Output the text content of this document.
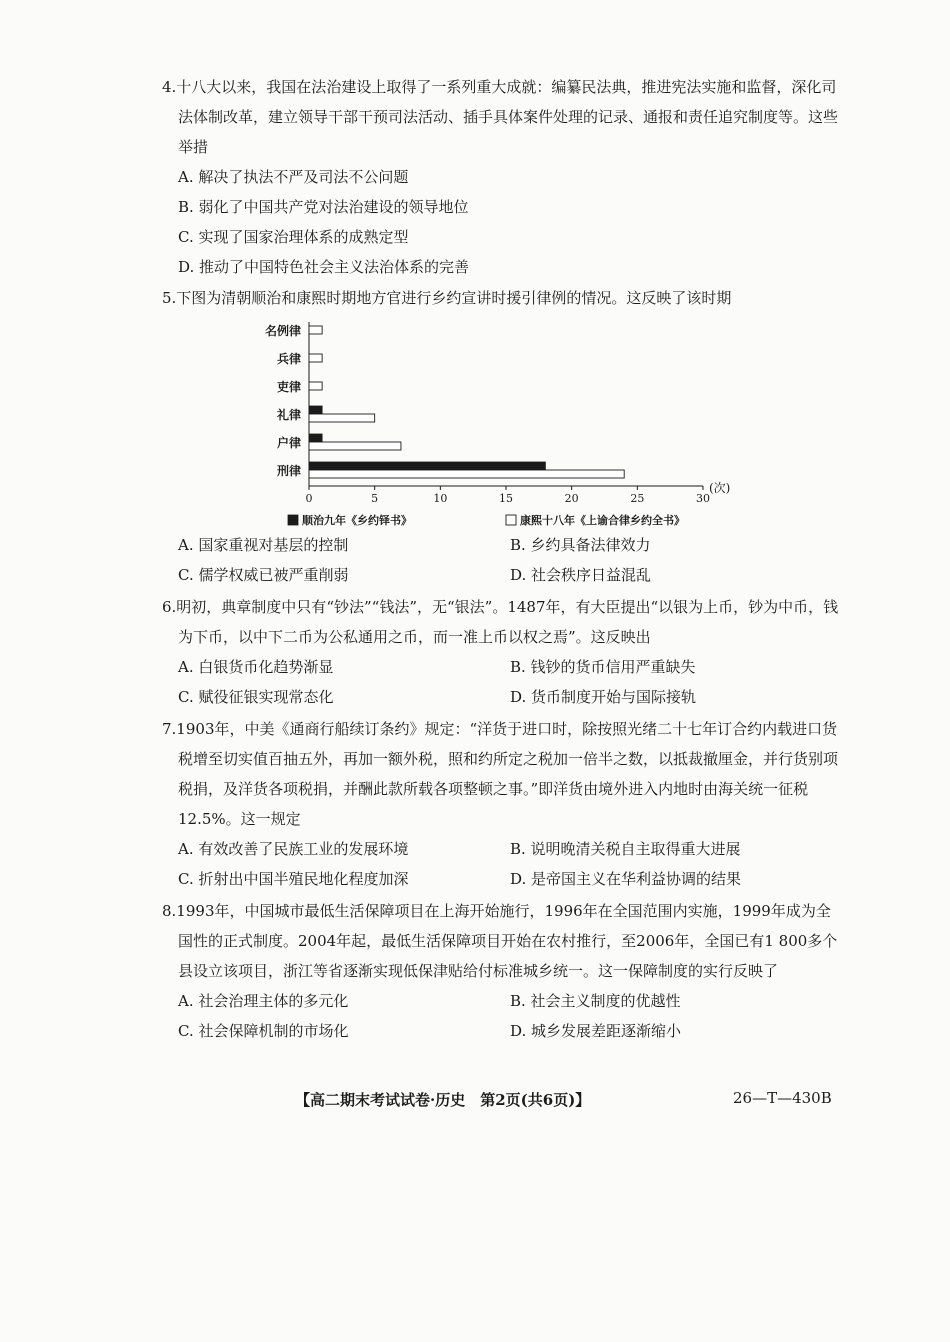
4.十八大以来，我国在法治建设上取得了一系列重大成就：编纂民法典，推进宪法实施和监督，深化司法体制改革，建立领导干部干预司法活动、插手具体案件处理的记录、通报和责任追究制度等。这些举措

A. 解决了执法不严及司法不公问题

B. 弱化了中国共产党对法治建设的领导地位

C. 实现了国家治理体系的成熟定型

D. 推动了中国特色社会主义法治体系的完善

5.下图为清朝顺治和康熙时期地方官进行乡约宣讲时援引律例的情况。这反映了该时期

0	5	10	15	20	25	30
(次)
名例律
兵律
吏律
礼律
户律
刑律
顺治九年《乡约铎书》	康熙十八年《上谕合律乡约全书》

A. 国家重视对基层的控制	B. 乡约具备法律效力

C. 儒学权威已被严重削弱	D. 社会秩序日益混乱

6.明初，典章制度中只有“钞法”“钱法”，无“银法”。1487年，有大臣提出“以银为上币，钞为中币，钱为下币，以中下二币为公私通用之币，而一准上币以权之焉”。这反映出

A. 白银货币化趋势渐显	B. 钱钞的货币信用严重缺失

C. 赋役征银实现常态化	D. 货币制度开始与国际接轨

7.1903年，中美《通商行船续订条约》规定：“洋货于进口时，除按照光绪二十七年订合约内载进口货税增至切实值百抽五外，再加一额外税，照和约所定之税加一倍半之数，以抵裁撤厘金，并行货别项税捐，及洋货各项税捐，并酬此款所载各项整顿之事。”即洋货由境外进入内地时由海关统一征税12.5%。这一规定

A. 有效改善了民族工业的发展环境	B. 说明晚清关税自主取得重大进展

C. 折射出中国半殖民地化程度加深	D. 是帝国主义在华利益协调的结果

8.1993年，中国城市最低生活保障项目在上海开始施行，1996年在全国范围内实施，1999年成为全国性的正式制度。2004年起，最低生活保障项目开始在农村推行，至2006年，全国已有1 800多个县设立该项目，浙江等省逐渐实现低保津贴给付标准城乡统一。这一保障制度的实行反映了

A. 社会治理主体的多元化	B. 社会主义制度的优越性

C. 社会保障机制的市场化	D. 城乡发展差距逐渐缩小

【高二期末考试试卷·历史　第2页(共6页)】	26—T—430B
